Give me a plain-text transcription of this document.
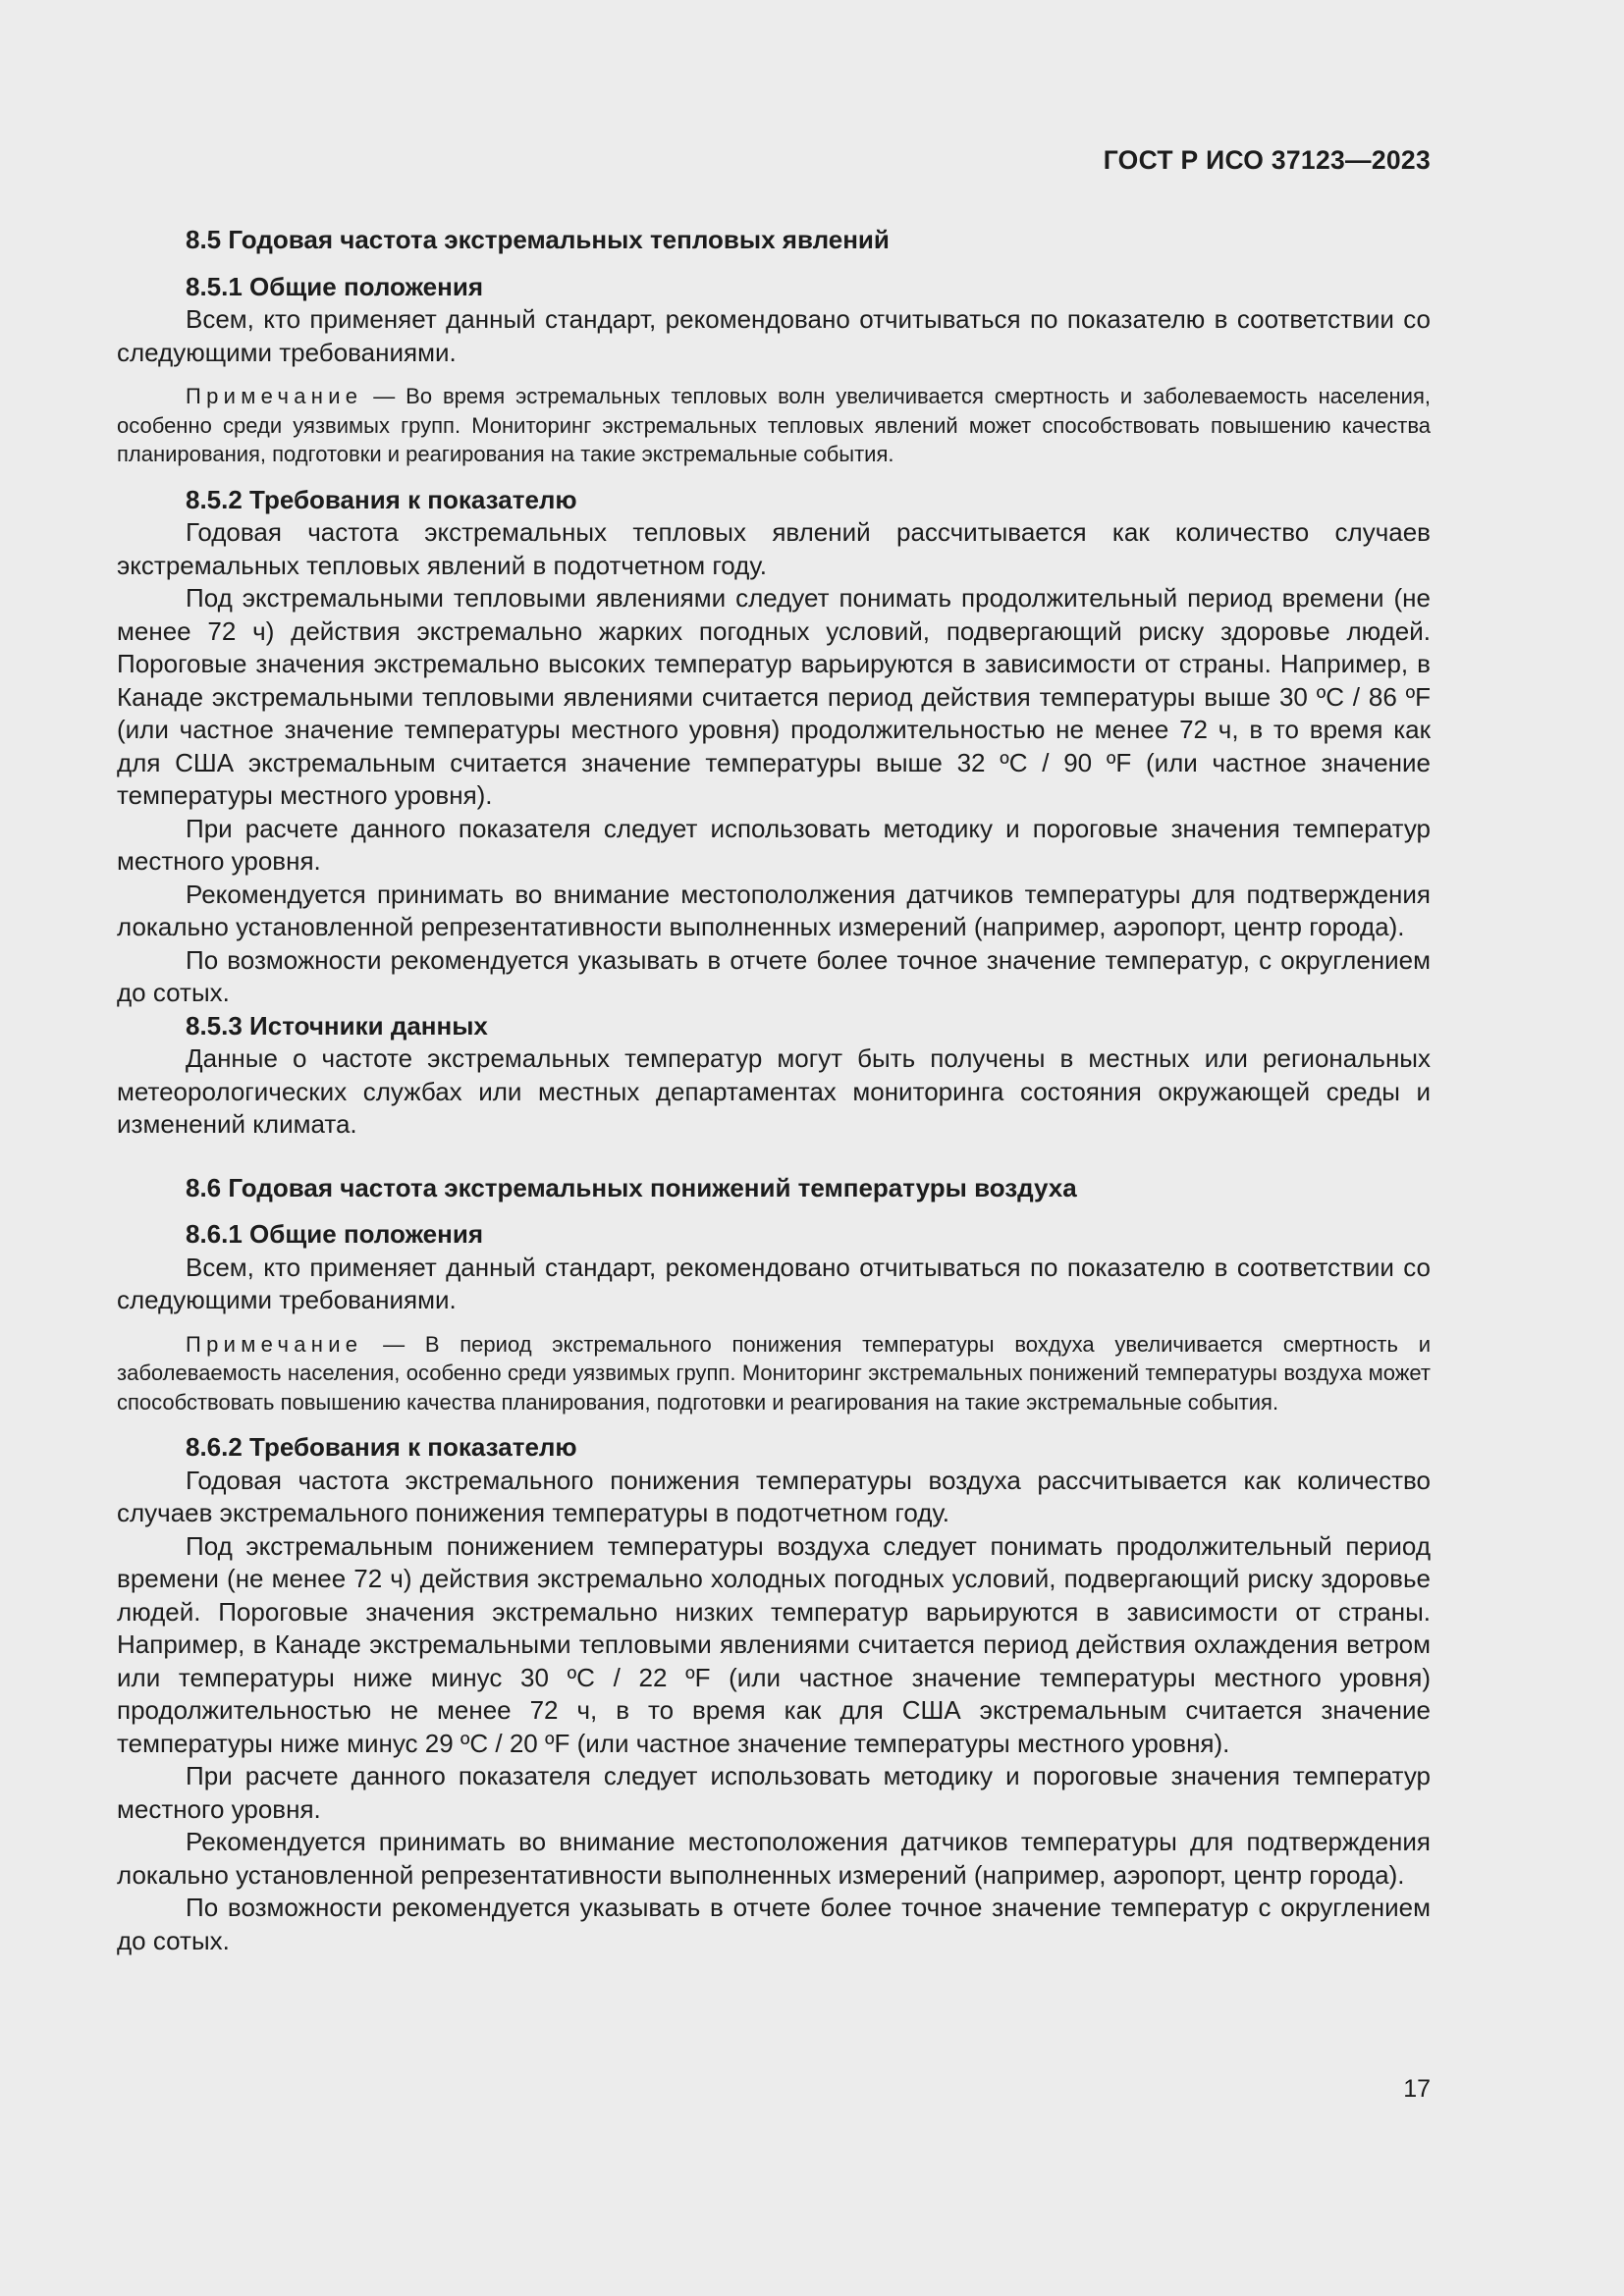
ГОСТ Р ИСО 37123—2023
8.5 Годовая частота экстремальных тепловых явлений
8.5.1 Общие положения

Всем, кто применяет данный стандарт, рекомендовано отчитываться по показателю в соответствии со следующими требованиями.

Примечание — Во время эстремальных тепловых волн увеличивается смертность и заболеваемость населения, особенно среди уязвимых групп. Мониторинг экстремальных тепловых явлений может способствовать повышению качества планирования, подготовки и реагирования на такие экстремальные события.

8.5.2 Требования к показателю

Годовая частота экстремальных тепловых явлений рассчитывается как количество случаев экстремальных тепловых явлений в подотчетном году.

Под экстремальными тепловыми явлениями следует понимать продолжительный период времени (не менее 72 ч) действия экстремально жарких погодных условий, подвергающий риску здоровье людей. Пороговые значения экстремально высоких температур варьируются в зависимости от страны. Например, в Канаде экстремальными тепловыми явлениями считается период действия температуры выше 30 ºC / 86 ºF (или частное значение температуры местного уровня) продолжительностью не менее 72 ч, в то время как для США экстремальным считается значение температуры выше 32 ºC / 90 ºF (или частное значение температуры местного уровня).

При расчете данного показателя следует использовать методику и пороговые значения температур местного уровня.

Рекомендуется принимать во внимание местопололжения датчиков температуры для подтверждения локально установленной репрезентативности выполненных измерений (например, аэропорт, центр города).

По возможности рекомендуется указывать в отчете более точное значение температур, с округлением до сотых.

8.5.3 Источники данных

Данные о частоте экстремальных температур могут быть получены в местных или региональных метеорологических службах или местных департаментах мониторинга состояния окружающей среды и изменений климата.

8.6 Годовая частота экстремальных понижений температуры воздуха
8.6.1 Общие положения

Всем, кто применяет данный стандарт, рекомендовано отчитываться по показателю в соответствии со следующими требованиями.

Примечание — В период экстремального понижения температуры вохдуха увеличивается смертность и заболеваемость населения, особенно среди уязвимых групп. Мониторинг экстремальных понижений температуры воздуха может способствовать повышению качества планирования, подготовки и реагирования на такие экстремальные события.

8.6.2 Требования к показателю

Годовая частота экстремального понижения температуры воздуха рассчитывается как количество случаев экстремального понижения температуры в подотчетном году.

Под экстремальным понижением температуры воздуха следует понимать продолжительный период времени (не менее 72 ч) действия экстремально холодных погодных условий, подвергающий риску здоровье людей. Пороговые значения экстремально низких температур варьируются в зависимости от страны. Например, в Канаде экстремальными тепловыми явлениями считается период действия охлаждения ветром или температуры ниже минус 30 ºC / 22 ºF (или частное значение температуры местного уровня) продолжительностью не менее 72 ч, в то время как для США экстремальным считается значение температуры ниже минус 29 ºC / 20 ºF (или частное значение температуры местного уровня).

При расчете данного показателя следует использовать методику и пороговые значения температур местного уровня.

Рекомендуется принимать во внимание местоположения датчиков температуры для подтверждения локально установленной репрезентативности выполненных измерений (например, аэропорт, центр города).

По возможности рекомендуется указывать в отчете более точное значение температур с округлением до сотых.

17
